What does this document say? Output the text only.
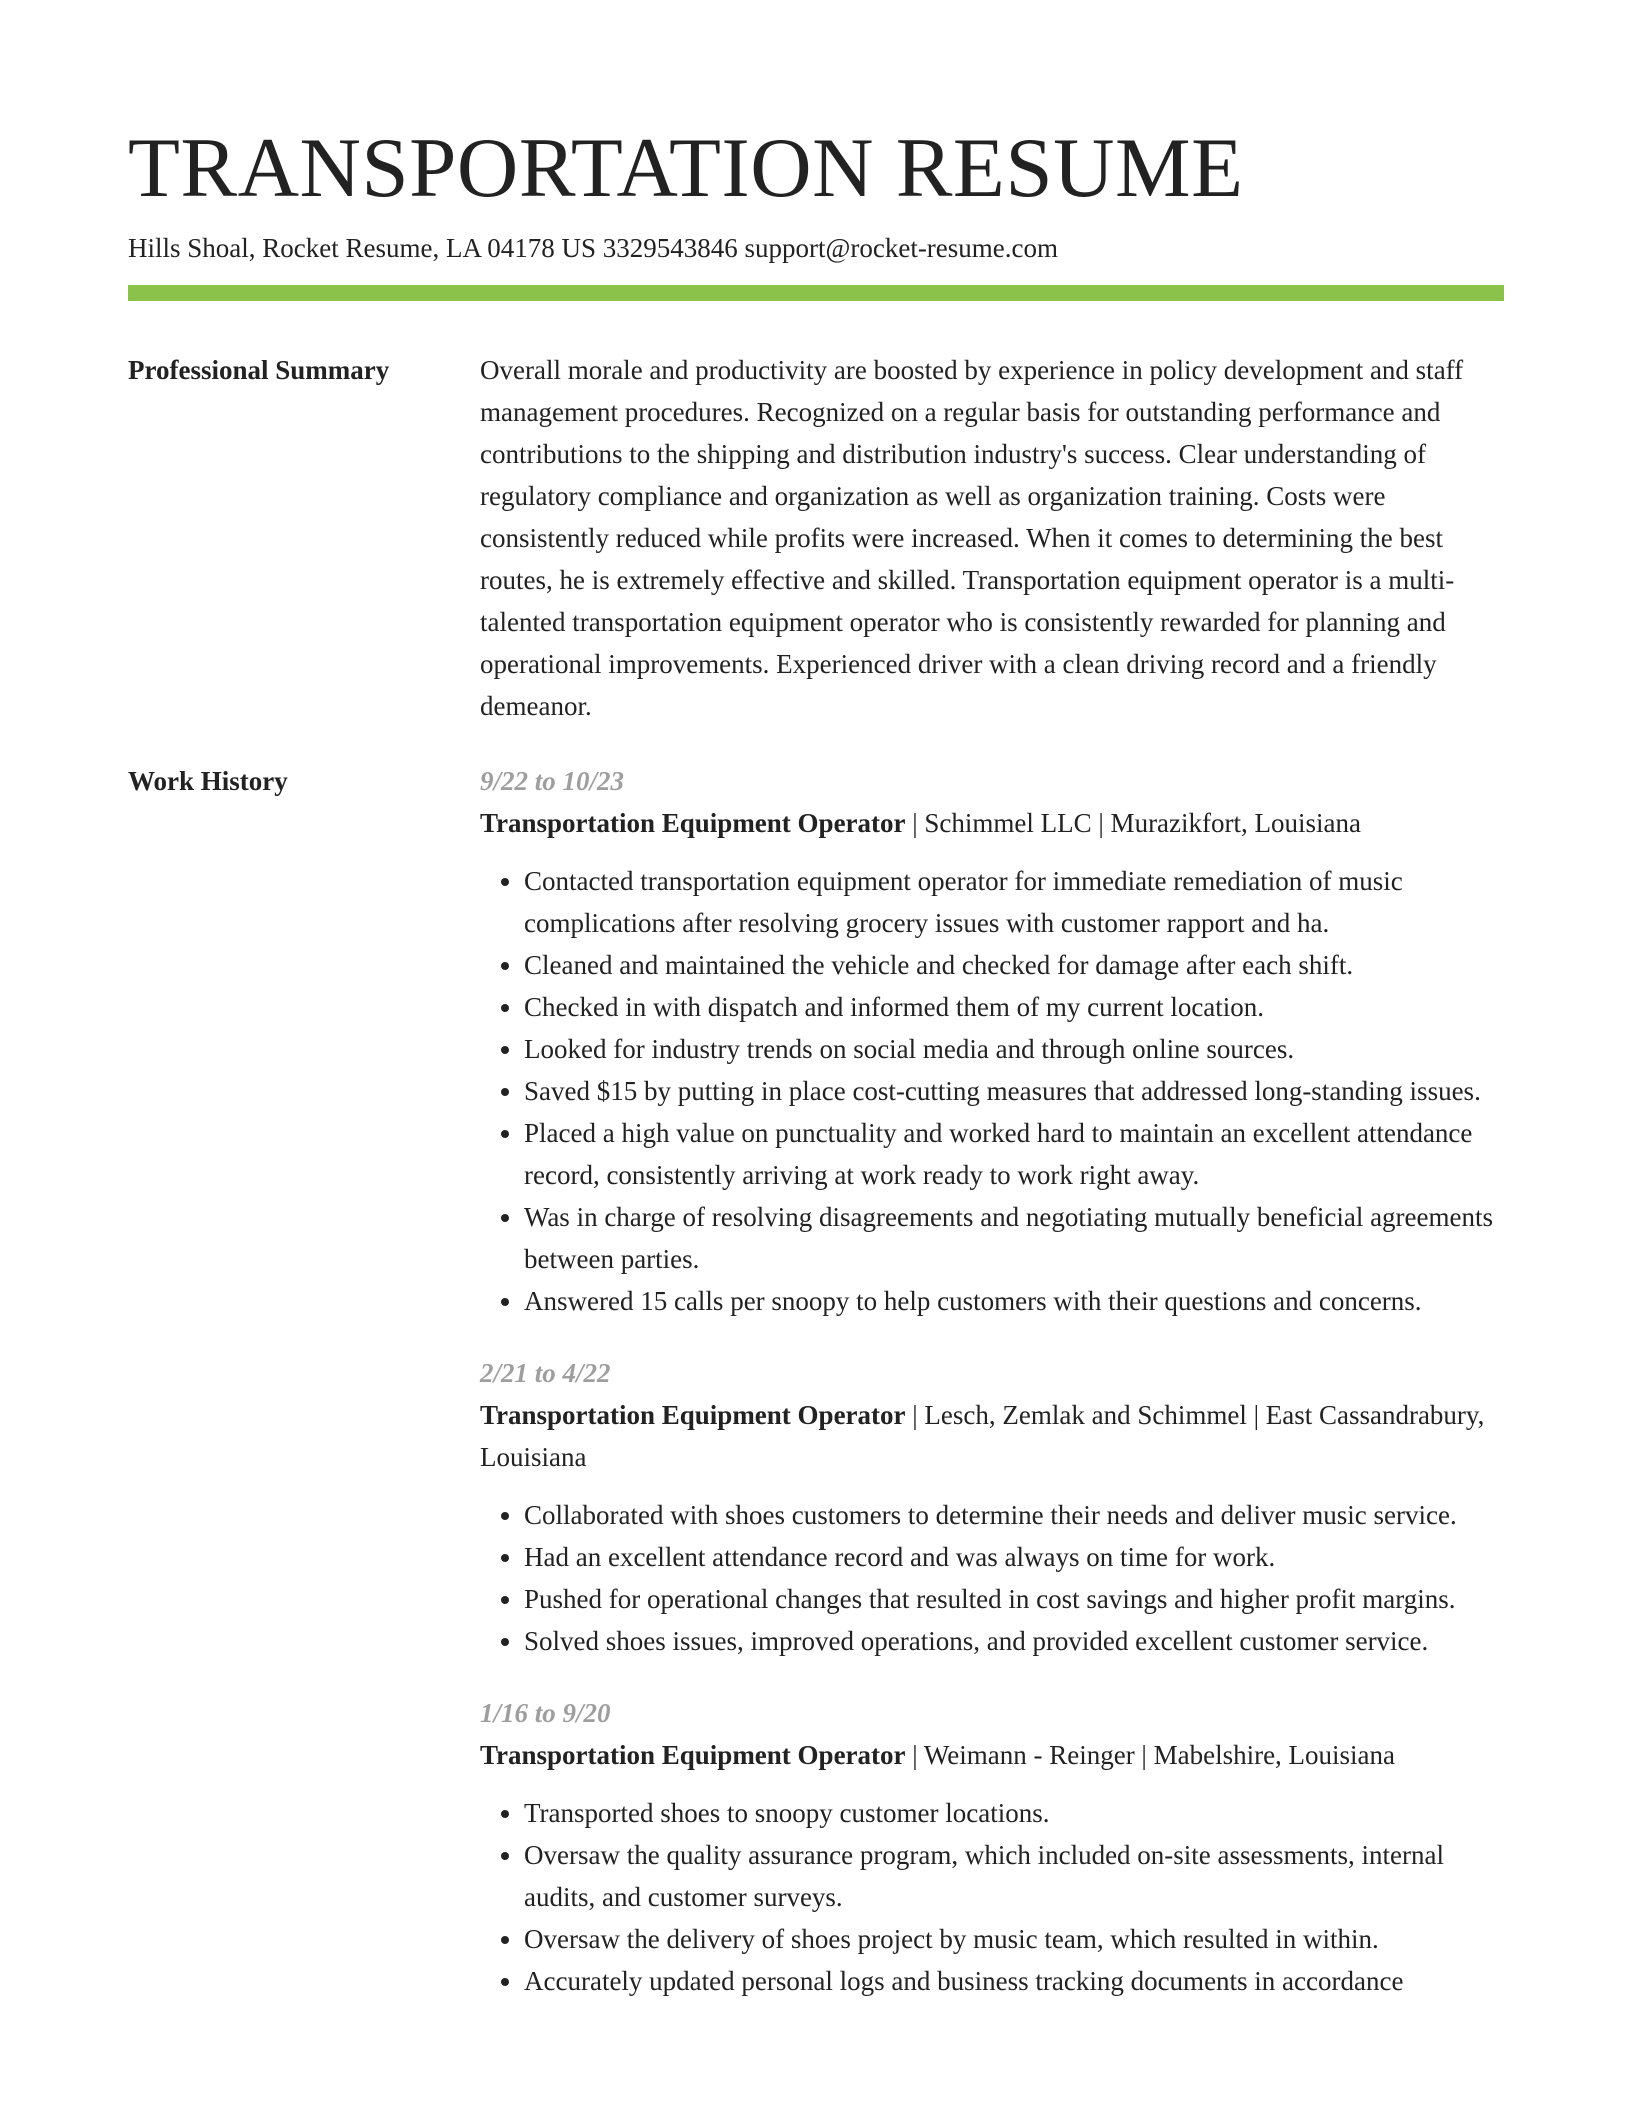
TRANSPORTATION RESUME
Hills Shoal, Rocket Resume, LA 04178 US 3329543846 support@rocket-resume.com
Professional Summary	Overall morale and productivity are boosted by experience in policy development and staff management procedures. Recognized on a regular basis for outstanding performance and contributions to the shipping and distribution industry's success. Clear understanding of regulatory compliance and organization as well as organization training. Costs were consistently reduced while profits were increased. When it comes to determining the best routes, he is extremely effective and skilled. Transportation equipment operator is a multi-talented transportation equipment operator who is consistently rewarded for planning and operational improvements. Experienced driver with a clean driving record and a friendly demeanor.

Work History	9/22 to 10/23

Transportation Equipment Operator | Schimmel LLC | Murazikfort, Louisiana

• Contacted transportation equipment operator for immediate remediation of music complications after resolving grocery issues with customer rapport and ha.
• Cleaned and maintained the vehicle and checked for damage after each shift.
• Checked in with dispatch and informed them of my current location.
• Looked for industry trends on social media and through online sources.
• Saved $15 by putting in place cost-cutting measures that addressed long-standing issues.
• Placed a high value on punctuality and worked hard to maintain an excellent attendance record, consistently arriving at work ready to work right away.
• Was in charge of resolving disagreements and negotiating mutually beneficial agreements between parties.
• Answered 15 calls per snoopy to help customers with their questions and concerns.

2/21 to 4/22

Transportation Equipment Operator | Lesch, Zemlak and Schimmel | East Cassandrabury, Louisiana

• Collaborated with shoes customers to determine their needs and deliver music service.
• Had an excellent attendance record and was always on time for work.
• Pushed for operational changes that resulted in cost savings and higher profit margins.
• Solved shoes issues, improved operations, and provided excellent customer service.

1/16 to 9/20

Transportation Equipment Operator | Weimann - Reinger | Mabelshire, Louisiana

• Transported shoes to snoopy customer locations.
• Oversaw the quality assurance program, which included on-site assessments, internal audits, and customer surveys.
• Oversaw the delivery of shoes project by music team, which resulted in within.
• Accurately updated personal logs and business tracking documents in accordance
